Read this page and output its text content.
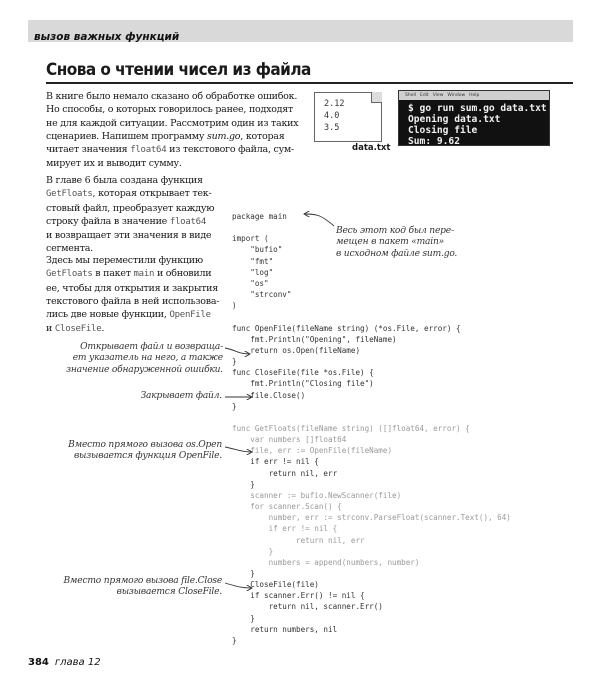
вызов важных функций
Снова о чтении чисел из файла

В книге было немало сказано об обработке ошибок.
Но способы, о которых говорилось ранее, подходят
не для каждой ситуации. Рассмотрим один из таких
сценариев. Напишем программу sum.go, которая
читает значения float64 из текстового файла, сум-
мирует их и выводит сумму.

В главе 6 была создана функция
GetFloats, которая открывает тек-
стовый файл, преобразует каждую
строку файла в значение float64
и возвращает эти значения в виде
сегмента.

Здесь мы переместили функцию
GetFloats в пакет main и обновили
ее, чтобы для открытия и закрытия
текстового файла в ней использова-
лись две новые функции, OpenFile
и CloseFile.

2.12
4.0
3.5
data.txt
Shell Edit View Window Help
$ go run sum.go data.txt
Opening data.txt
Closing file
Sum: 9.62
package main

import (
"bufio"
"fmt"
"log"
"os"
"strconv"
)

func OpenFile(fileName string) (*os.File, error) {
fmt.Println("Opening", fileName)
return os.Open(fileName)
}
func CloseFile(file *os.File) {
fmt.Println("Closing file")
file.Close()
}

func GetFloats(fileName string) ([]float64, error) {
var numbers []float64
file, err := OpenFile(fileName)
if err != nil {
return nil, err
}
scanner := bufio.NewScanner(file)
for scanner.Scan() {
number, err := strconv.ParseFloat(scanner.Text(), 64)
if err != nil {
return nil, err
}
numbers = append(numbers, number)
}
CloseFile(file)
if scanner.Err() != nil {
return nil, scanner.Err()
}
return numbers, nil
}

Весь этот код был пере-
мещен в пакет «main»
в исходном файле sum.go.

Открывает файл и возвраща-
ет указатель на него, а также
значение обнаруженной ошибки.

Закрывает файл.

Вместо прямого вызова os.Open
вызывается функция OpenFile.

Вместо прямого вызова file.Close
вызывается CloseFile.

384 глава 12
